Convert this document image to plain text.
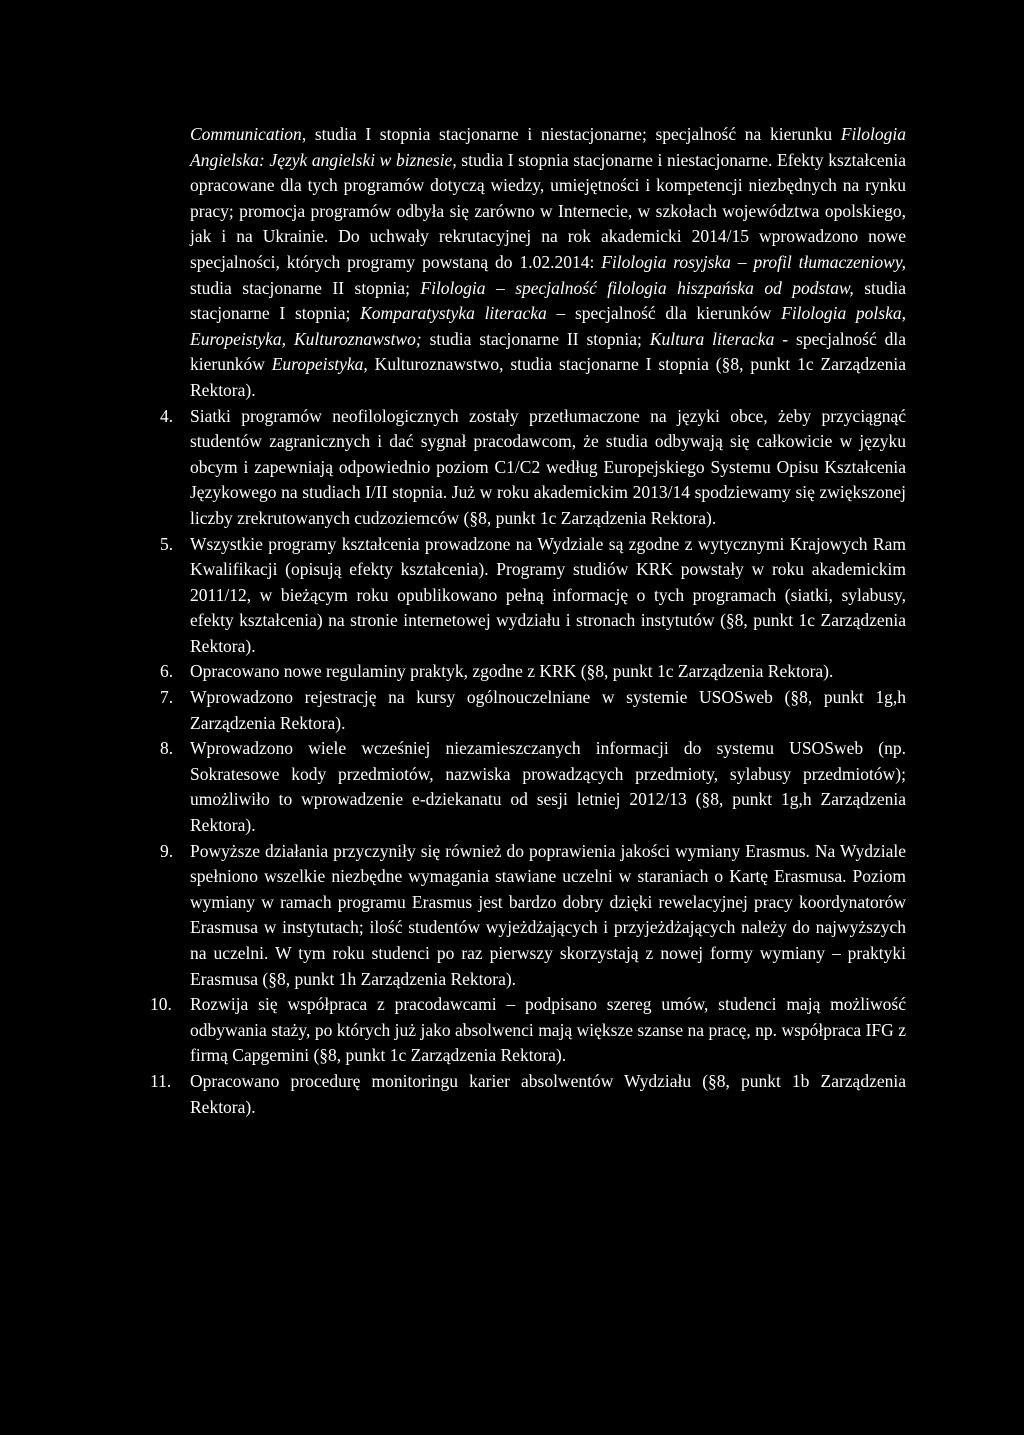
Communication, studia I stopnia stacjonarne i niestacjonarne; specjalność na kierunku Filologia Angielska: Język angielski w biznesie, studia I stopnia stacjonarne i niestacjonarne. Efekty kształcenia opracowane dla tych programów dotyczą wiedzy, umiejętności i kompetencji niezbędnych na rynku pracy; promocja programów odbyła się zarówno w Internecie, w szkołach województwa opolskiego, jak i na Ukrainie. Do uchwały rekrutacyjnej na rok akademicki 2014/15 wprowadzono nowe specjalności, których programy powstaną do 1.02.2014: Filologia rosyjska – profil tłumaczeniowy, studia stacjonarne II stopnia; Filologia – specjalność filologia hiszpańska od podstaw, studia stacjonarne I stopnia; Komparatystyka literacka – specjalność dla kierunków Filologia polska, Europeistyka, Kulturoznawstwo; studia stacjonarne II stopnia; Kultura literacka - specjalność dla kierunków Europeistyka, Kulturoznawstwo, studia stacjonarne I stopnia (§8, punkt 1c Zarządzenia Rektora).

4. Siatki programów neofilologicznych zostały przetłumaczone na języki obce, żeby przyciągnąć studentów zagranicznych i dać sygnał pracodawcom, że studia odbywają się całkowicie w języku obcym i zapewniają odpowiednio poziom C1/C2 według Europejskiego Systemu Opisu Kształcenia Językowego na studiach I/II stopnia. Już w roku akademickim 2013/14 spodziewamy się zwiększonej liczby zrekrutowanych cudzoziemców (§8, punkt 1c Zarządzenia Rektora).

5. Wszystkie programy kształcenia prowadzone na Wydziale są zgodne z wytycznymi Krajowych Ram Kwalifikacji (opisują efekty kształcenia). Programy studiów KRK powstały w roku akademickim 2011/12, w bieżącym roku opublikowano pełną informację o tych programach (siatki, sylabusy, efekty kształcenia) na stronie internetowej wydziału i stronach instytutów (§8, punkt 1c Zarządzenia Rektora).

6. Opracowano nowe regulaminy praktyk, zgodne z KRK (§8, punkt 1c Zarządzenia Rektora).

7. Wprowadzono rejestrację na kursy ogólnouczelniane w systemie USOSweb (§8, punkt 1g,h Zarządzenia Rektora).

8. Wprowadzono wiele wcześniej niezamieszczanych informacji do systemu USOSweb (np. Sokratesowe kody przedmiotów, nazwiska prowadzących przedmioty, sylabusy przedmiotów); umożliwiło to wprowadzenie e-dziekanatu od sesji letniej 2012/13 (§8, punkt 1g,h Zarządzenia Rektora).

9. Powyższe działania przyczyniły się również do poprawienia jakości wymiany Erasmus. Na Wydziale spełniono wszelkie niezbędne wymagania stawiane uczelni w staraniach o Kartę Erasmusa. Poziom wymiany w ramach programu Erasmus jest bardzo dobry dzięki rewelacyjnej pracy koordynatorów Erasmusa w instytutach; ilość studentów wyjeżdżających i przyjeżdżających należy do najwyższych na uczelni. W tym roku studenci po raz pierwszy skorzystają z nowej formy wymiany – praktyki Erasmusa (§8, punkt 1h Zarządzenia Rektora).

10. Rozwija się współpraca z pracodawcami – podpisano szereg umów, studenci mają możliwość odbywania staży, po których już jako absolwenci mają większe szanse na pracę, np. współpraca IFG z firmą Capgemini (§8, punkt 1c Zarządzenia Rektora).

11. Opracowano procedurę monitoringu karier absolwentów Wydziału (§8, punkt 1b Zarządzenia Rektora).
